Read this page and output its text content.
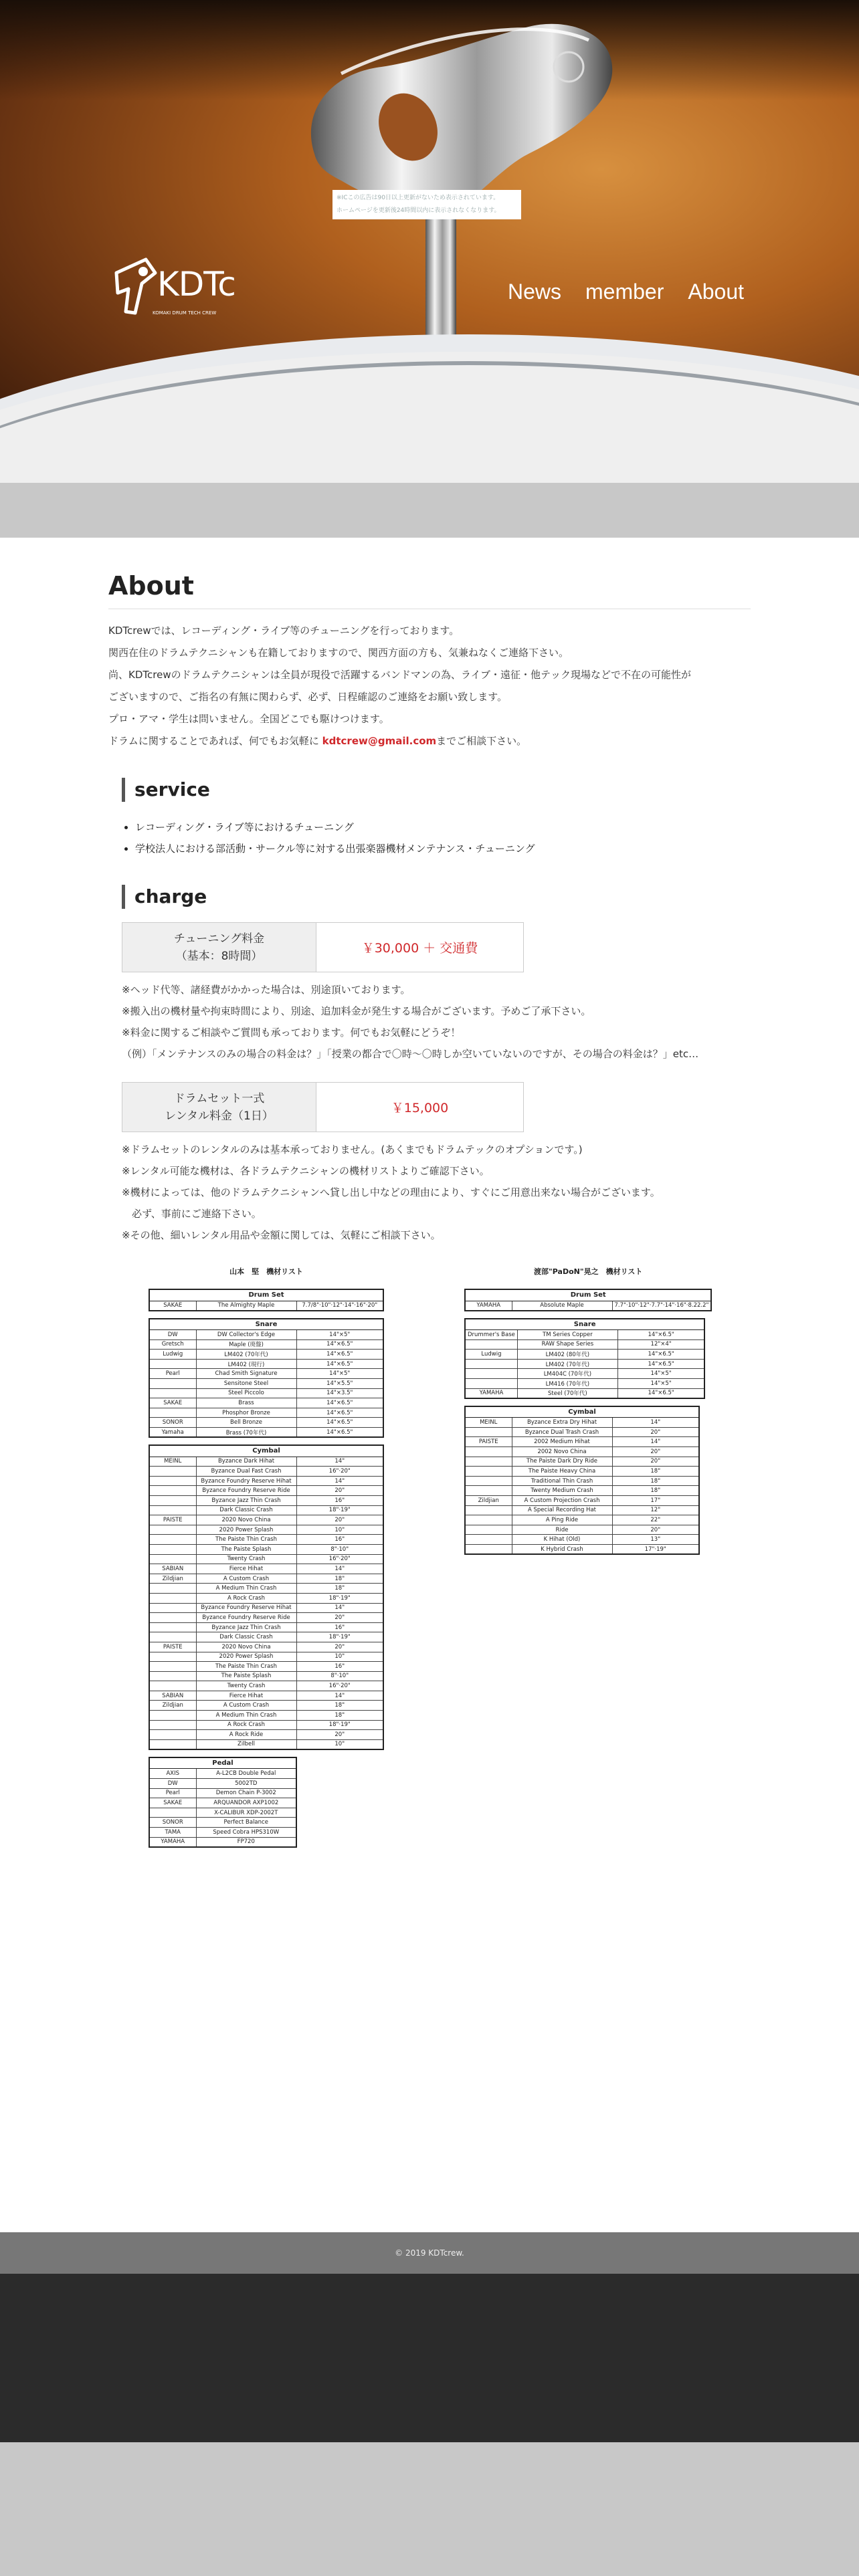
※ICこの広告は90日以上更新がないため表示されています。
ホームページを更新後24時間以内に表示されなくなります。
KDTc
KOMAKI DRUM TECH CREW
News member About
About

KDTcrewでは、レコーディング・ライブ等のチューニングを行っております。

関西在住のドラムテクニシャンも在籍しておりますので、関西方面の方も、気兼ねなくご連絡下さい。

尚、KDTcrewのドラムテクニシャンは全員が現役で活躍するバンドマンの為、ライブ・遠征・他テック現場などで不在の可能性が

ございますので、ご指名の有無に関わらず、必ず、日程確認のご連絡をお願い致します。

プロ・アマ・学生は問いません。全国どこでも駆けつけます。

ドラムに関することであれば、何でもお気軽に kdtcrew@gmail.comまでご相談下さい。

service
• レコーディング・ライブ等におけるチューニング
• 学校法人における部活動・サークル等に対する出張楽器機材メンテナンス・チューニング
charge
チューニング料金
（基本：8時間）
	￥30,000 ＋ 交通費

※ヘッド代等、諸経費がかかった場合は、別途頂いております。

※搬入出の機材量や拘束時間により、別途、追加料金が発生する場合がございます。予めご了承下さい。

※料金に関するご相談やご質問も承っております。何でもお気軽にどうぞ！

（例）「メンテナンスのみの場合の料金は？」「授業の都合で〇時～〇時しか空いていないのですが、その場合の料金は？」etc…

ドラムセット一式
レンタル料金（1日）
	￥15,000

※ドラムセットのレンタルのみは基本承っておりません。(あくまでもドラムテックのオプションです。)

※レンタル可能な機材は、各ドラムテクニシャンの機材リストよりご確認下さい。

※機材によっては、他のドラムテクニシャンへ貸し出し中などの理由により、すぐにご用意出来ない場合がございます。

　必ず、事前にご連絡下さい。

※その他、細いレンタル用品や金額に関しては、気軽にご相談下さい。

山本　堅　機材リスト
Drum Set
SAKAE	The Almighty Maple	7.7/8"·10"·12"·14"·16"·20"
Snare		
DW	DW Collector's Edge	14"×5"
Gretsch	Maple (廃盤)	14"×6.5"
Ludwig	LM402 (70年代)	14"×6.5"
	LM402 (現行)	14"×6.5"
Pearl	Chad Smith Signature	14"×5"
	Sensitone Steel	14"×5.5"
	Steel Piccolo	14"×3.5"
SAKAE	Brass	14"×6.5"
	Phosphor Bronze	14"×6.5"
SONOR	Bell Bronze	14"×6.5"
Yamaha	Brass (70年代)	14"×6.5"
Cymbal		
MEINL	Byzance Dark Hihat	14"
	Byzance Dual Fast Crash	16"·20"
	Byzance Foundry Reserve Hihat	14"
	Byzance Foundry Reserve Ride	20"
	Byzance Jazz Thin Crash	16"
	Dark Classic Crash	18"·19"
PAISTE	2020 Novo China	20"
	2020 Power Splash	10"
	The Paiste Thin Crash	16"
	The Paiste Splash	8"·10"
	Twenty Crash	16"·20"
SABIAN	Fierce Hihat	14"
Zildjian	A Custom Crash	18"
	A Medium Thin Crash	18"
	A Rock Crash	18"·19"
	Byzance Foundry Reserve Hihat	14"
	Byzance Foundry Reserve Ride	20"
	Byzance Jazz Thin Crash	16"
	Dark Classic Crash	18"·19"
PAISTE	2020 Novo China	20"
	2020 Power Splash	10"
	The Paiste Thin Crash	16"
	The Paiste Splash	8"·10"
	Twenty Crash	16"·20"
SABIAN	Fierce Hihat	14"
Zildjian	A Custom Crash	18"
	A Medium Thin Crash	18"
	A Rock Crash	18"·19"
	A Rock Ride	20"
	Zilbell	10"
Pedal	
AXIS	A-L2CB Double Pedal
DW	5002TD
Pearl	Demon Chain P-3002
SAKAE	ARQUANDOR AXP1002
	X-CALIBUR XDP-2002T
SONOR	Perfect Balance
TAMA	Speed Cobra HPS310W
YAMAHA	FP720
渡部"PaDoN"晃之　機材リスト
Drum Set
YAMAHA	Absolute Maple	7.7"·10"·12"·7.7"·14"·16"·8.22.2"
Snare		
Drummer's Base	TM Series Copper	14"×6.5"
	RAW Shape Series	12"×4"
Ludwig	LM402 (80年代)	14"×6.5"
	LM402 (70年代)	14"×6.5"
	LM404C (70年代)	14"×5"
	LM416 (70年代)	14"×5"
YAMAHA	Steel (70年代)	14"×6.5"
Cymbal		
MEINL	Byzance Extra Dry Hihat	14"
	Byzance Dual Trash Crash	20"
PAISTE	2002 Medium Hihat	14"
	2002 Novo China	20"
	The Paiste Dark Dry Ride	20"
	The Paiste Heavy China	18"
	Traditional Thin Crash	18"
	Twenty Medium Crash	18"
Zildjian	A Custom Projection Crash	17"
	A Special Recording Hat	12"
	A Ping Ride	22"
	Ride	20"
	K Hihat (Old)	13"
	K Hybrid Crash	17"·19"
© 2019 KDTcrew.
